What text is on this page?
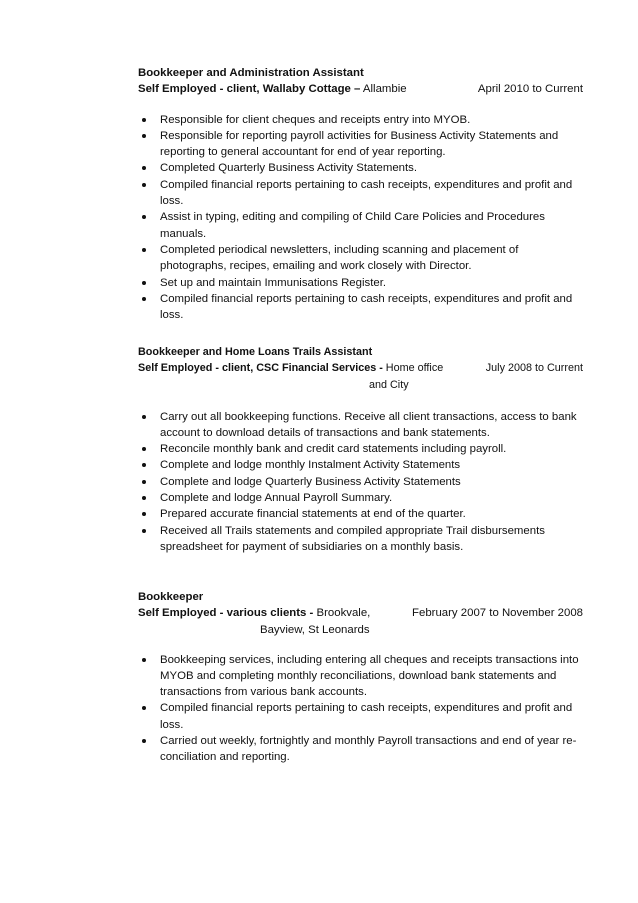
Bookkeeper and Administration Assistant
Self Employed - client, Wallaby Cottage – Allambie	April 2010 to Current
Responsible for client cheques and receipts entry into MYOB.
Responsible for reporting payroll activities for Business Activity Statements and reporting to general accountant for end of year reporting.
Completed Quarterly Business Activity Statements.
Compiled financial reports pertaining to cash receipts, expenditures and profit and loss.
Assist in typing, editing and compiling of Child Care Policies and Procedures manuals.
Completed periodical newsletters, including scanning and placement of photographs, recipes, emailing and work closely with Director.
Set up and maintain Immunisations Register.
Compiled financial reports pertaining to cash receipts, expenditures and profit and loss.
Bookkeeper and Home Loans Trails Assistant
Self Employed - client, CSC Financial Services - Home office	July 2008 to Current
and City
Carry out all bookkeeping functions. Receive all client transactions, access to bank account to download details of transactions and bank statements.
Reconcile monthly bank and credit card statements including payroll.
Complete and lodge monthly Instalment Activity Statements
Complete and lodge Quarterly Business Activity Statements
Complete and lodge Annual Payroll Summary.
Prepared accurate financial statements at end of the quarter.
Received all Trails statements and compiled appropriate Trail disbursements spreadsheet for payment of subsidiaries on a monthly basis.
Bookkeeper
Self Employed - various clients - Brookvale,	February 2007 to November 2008
Bayview, St Leonards
Bookkeeping services, including entering all cheques and receipts transactions into MYOB and completing monthly reconciliations, download bank statements and transactions from various bank accounts.
Compiled financial reports pertaining to cash receipts, expenditures and profit and loss.
Carried out weekly, fortnightly and monthly Payroll transactions and end of year re-conciliation and reporting.
